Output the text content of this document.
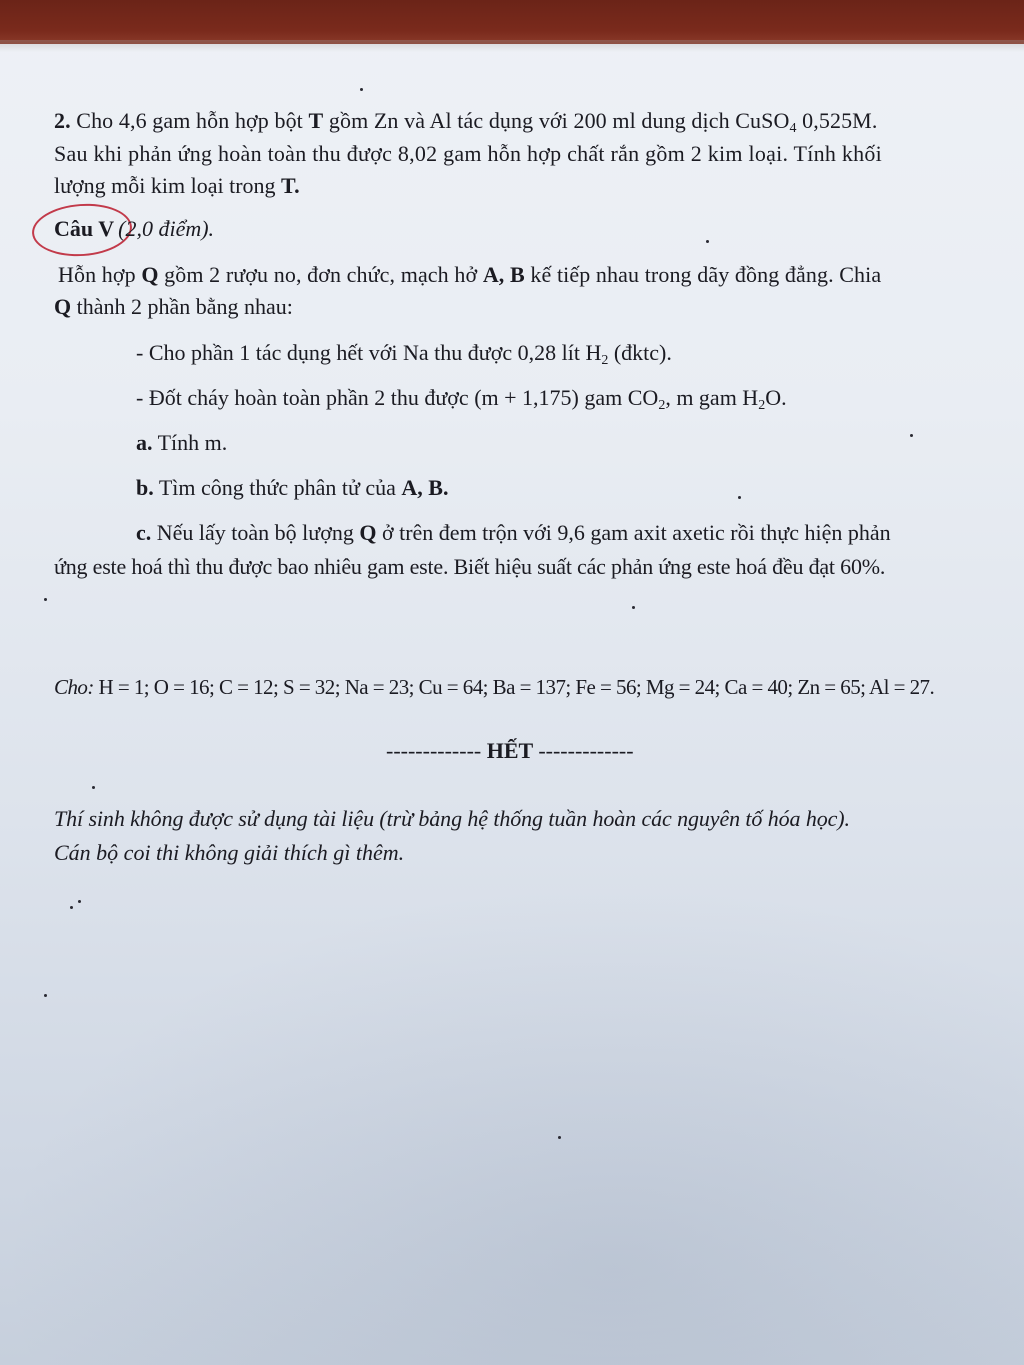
2. Cho 4,6 gam hỗn hợp bột T gồm Zn và Al tác dụng với 200 ml dung dịch CuSO$_4$ 0,525M.
Sau khi phản ứng hoàn toàn thu được 8,02 gam hỗn hợp chất rắn gồm 2 kim loại. Tính khối
lượng mỗi kim loại trong T.
Câu V (2,0 điểm).
Hỗn hợp Q gồm 2 rượu no, đơn chức, mạch hở A, B kế tiếp nhau trong dãy đồng đẳng. Chia
Q thành 2 phần bằng nhau:
- Cho phần 1 tác dụng hết với Na thu được 0,28 lít $H_2$ (đktc).
- Đốt cháy hoàn toàn phần 2 thu được (m + 1,175) gam $CO_2$, m gam $H_2O$.
a. Tính m.
b. Tìm công thức phân tử của A, B.
c. Nếu lấy toàn bộ lượng Q ở trên đem trộn với 9,6 gam axit axetic rồi thực hiện phản
ứng este hoá thì thu được bao nhiêu gam este. Biết hiệu suất các phản ứng este hoá đều đạt 60%.
Cho: H = 1; O = 16; C = 12; S = 32; Na = 23; Cu = 64; Ba = 137; Fe = 56; Mg = 24; Ca = 40; Zn = 65; Al = 27.
------------- HẾT -------------
Thí sinh không được sử dụng tài liệu (trừ bảng hệ thống tuần hoàn các nguyên tố hóa học).
Cán bộ coi thi không giải thích gì thêm.
